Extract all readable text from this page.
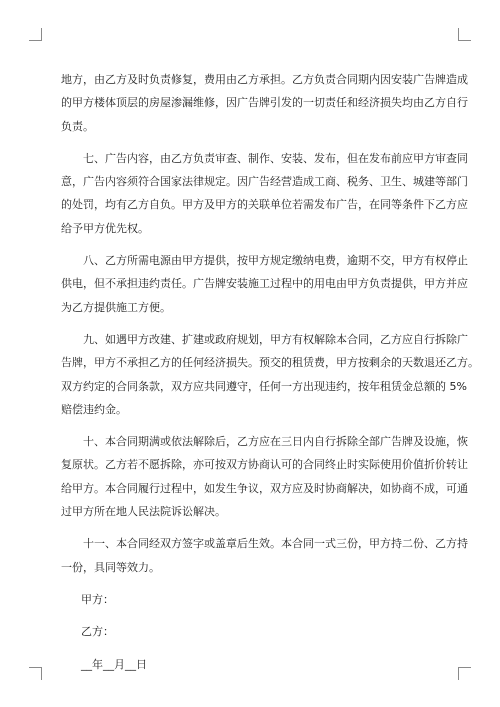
地方，由乙方及时负责修复，费用由乙方承担。乙方负责合同期内因安装广告牌造成
的甲方楼体顶层的房屋渗漏维修，因广告牌引发的一切责任和经济损失均由乙方自行
负责。

　　七、广告内容，由乙方负责审查、制作、安装、发布，但在发布前应甲方审查同
意，广告内容须符合国家法律规定。因广告经营造成工商、税务、卫生、城建等部门
的处罚，均有乙方自负。甲方及甲方的关联单位若需发布广告，在同等条件下乙方应
给予甲方优先权。

　　八、乙方所需电源由甲方提供，按甲方规定缴纳电费，逾期不交，甲方有权停止
供电，但不承担违约责任。广告牌安装施工过程中的用电由甲方负责提供，甲方并应
为乙方提供施工方便。

　　九、如遇甲方改建、扩建或政府规划，甲方有权解除本合同，乙方应自行拆除广
告牌，甲方不承担乙方的任何经济损失。预交的租赁费，甲方按剩余的天数退还乙方。
双方约定的合同条款，双方应共同遵守，任何一方出现违约，按年租赁金总额的 5%
赔偿违约金。

　　十、本合同期满或依法解除后，乙方应在三日内自行拆除全部广告牌及设施，恢
复原状。乙方若不愿拆除，亦可按双方协商认可的合同终止时实际使用价值折价转让
给甲方。本合同履行过程中，如发生争议，双方应及时协商解决，如协商不成，可通
过甲方所在地人民法院诉讼解决。

　　十一、本合同经双方签字或盖章后生效。本合同一式三份，甲方持二份、乙方持
一份，具同等效力。

甲方：

乙方：

__年__月__日
